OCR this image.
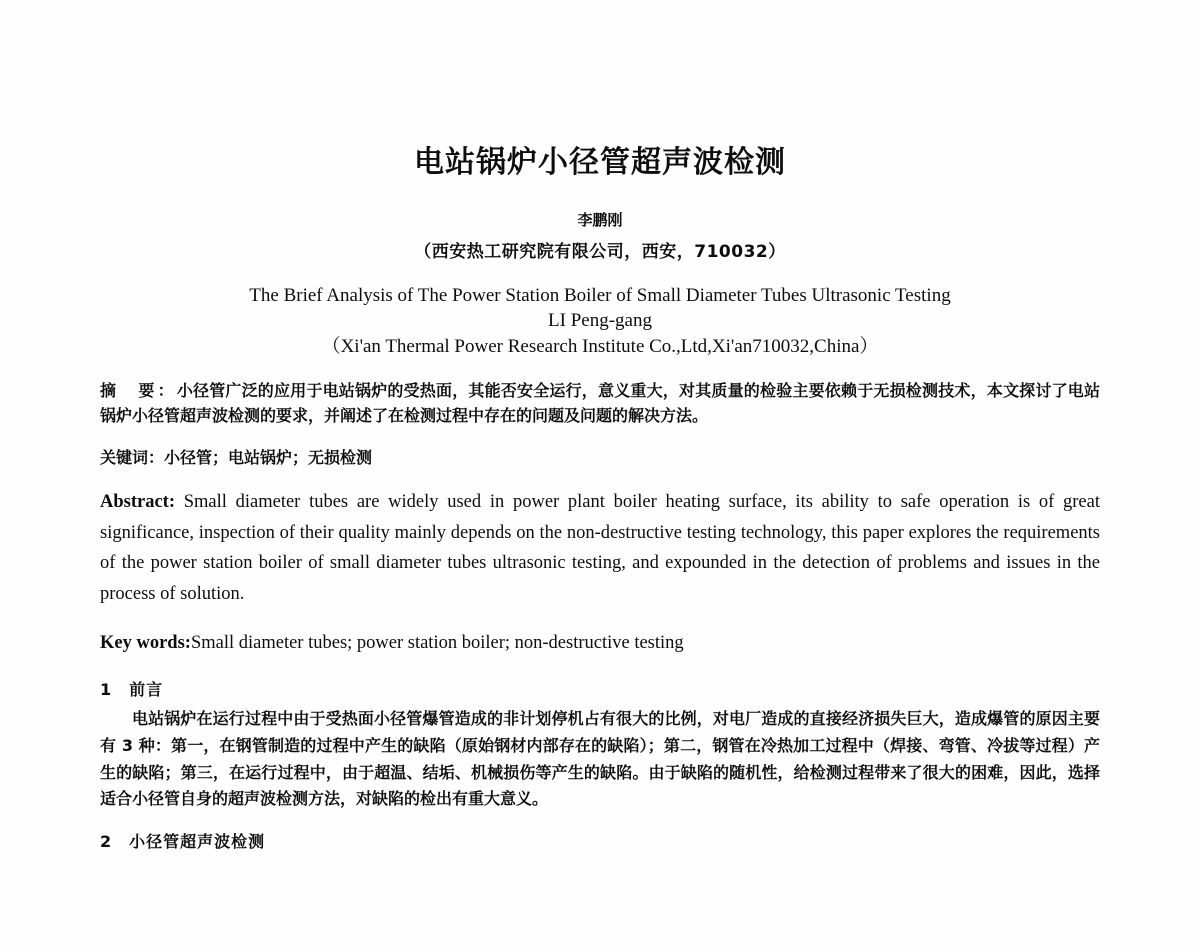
电站锅炉小径管超声波检测
李鹏刚
（西安热工研究院有限公司，西安，710032）
The Brief Analysis of The Power Station Boiler of Small Diameter Tubes Ultrasonic Testing
LI Peng-gang
（Xi'an Thermal Power Research Institute Co.,Ltd,Xi'an710032,China）

摘　要：小径管广泛的应用于电站锅炉的受热面，其能否安全运行，意义重大，对其质量的检验主要依赖于无损检测技术，本文探讨了电站锅炉小径管超声波检测的要求，并阐述了在检测过程中存在的问题及问题的解决方法。

关键词：小径管；电站锅炉；无损检测

Abstract: Small diameter tubes are widely used in power plant boiler heating surface, its ability to safe operation is of great significance, inspection of their quality mainly depends on the non-destructive testing technology, this paper explores the requirements of the power station boiler of small diameter tubes ultrasonic testing, and expounded in the detection of problems and issues in the process of solution.

Key words:Small diameter tubes; power station boiler; non-destructive testing

1　前言

电站锅炉在运行过程中由于受热面小径管爆管造成的非计划停机占有很大的比例，对电厂造成的直接经济损失巨大，造成爆管的原因主要有 3 种：第一，在钢管制造的过程中产生的缺陷（原始钢材内部存在的缺陷）；第二，钢管在冷热加工过程中（焊接、弯管、冷拔等过程）产生的缺陷；第三，在运行过程中，由于超温、结垢、机械损伤等产生的缺陷。由于缺陷的随机性，给检测过程带来了很大的困难，因此，选择适合小径管自身的超声波检测方法，对缺陷的检出有重大意义。

2　小径管超声波检测
